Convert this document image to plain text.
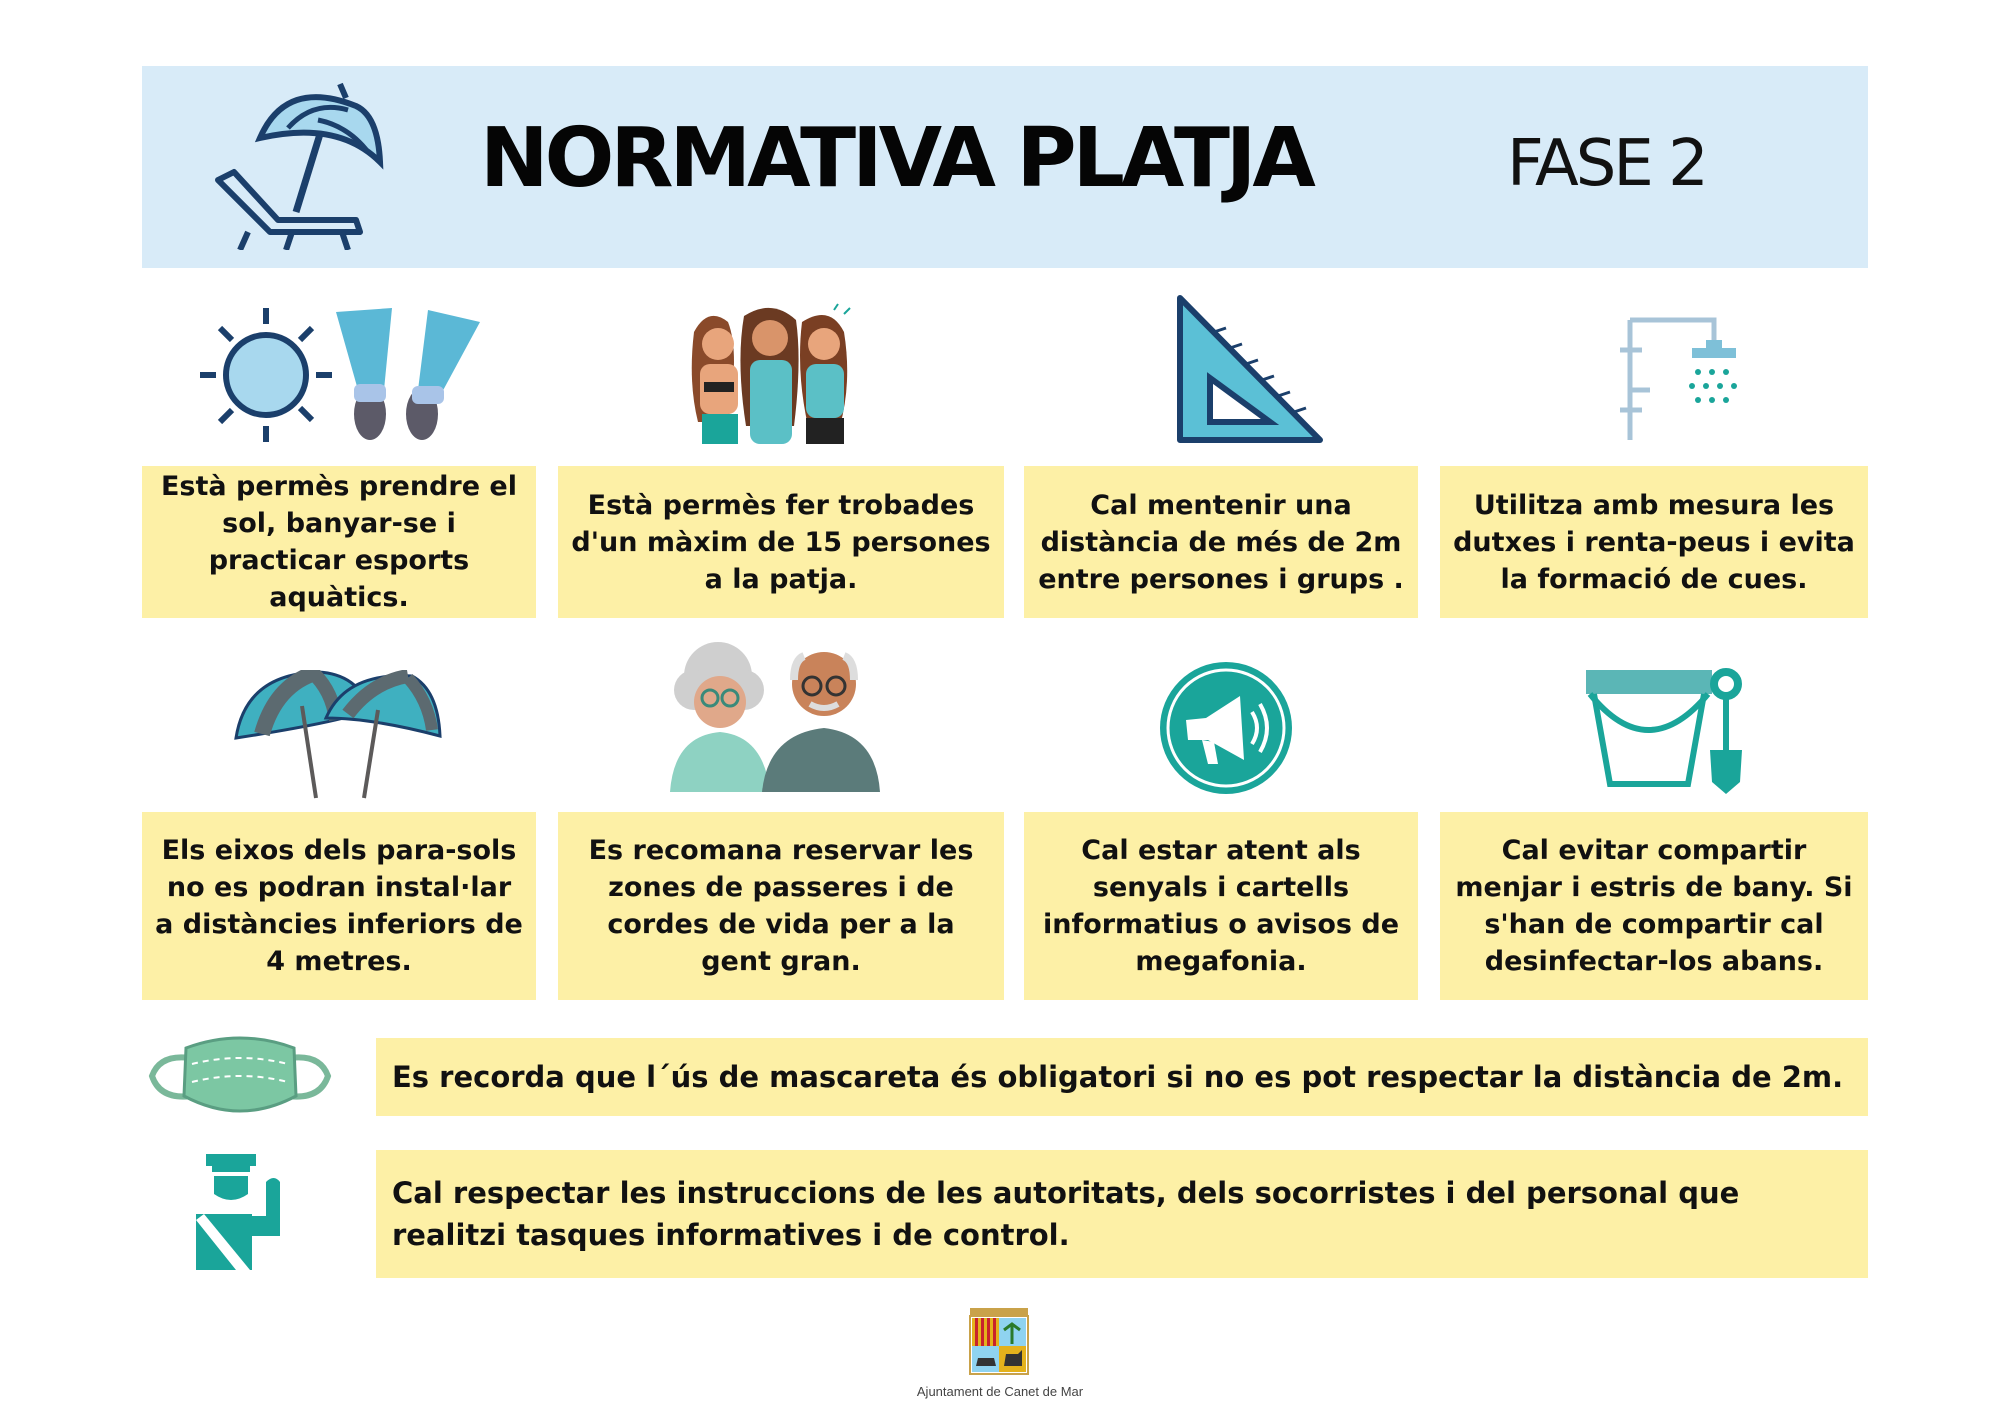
NORMATIVA PLATJA	FASE 2
Està permès prendre el sol, banyar-se i practicar esports aquàtics.
Està permès fer trobades d'un màxim de 15 persones a la patja.
Cal mentenir una distància de més de 2m entre persones i grups .
Utilitza amb mesura les dutxes i renta-peus i evita la formació de cues.
Els eixos dels para-sols no es podran instal·lar a distàncies inferiors de 4 metres.
Es recomana reservar les zones de passeres i de cordes de vida per a la gent gran.
Cal estar atent als senyals i cartells informatius o avisos de megafonia.
Cal evitar compartir menjar i estris de bany. Si s'han de compartir cal desinfectar-los abans.
Es recorda que l´ús de mascareta és obligatori si no es pot respectar la distància de 2m.
Cal respectar les instruccions de les autoritats, dels socorristes i del personal que realitzi tasques informatives i de control.
Ajuntament de Canet de Mar
